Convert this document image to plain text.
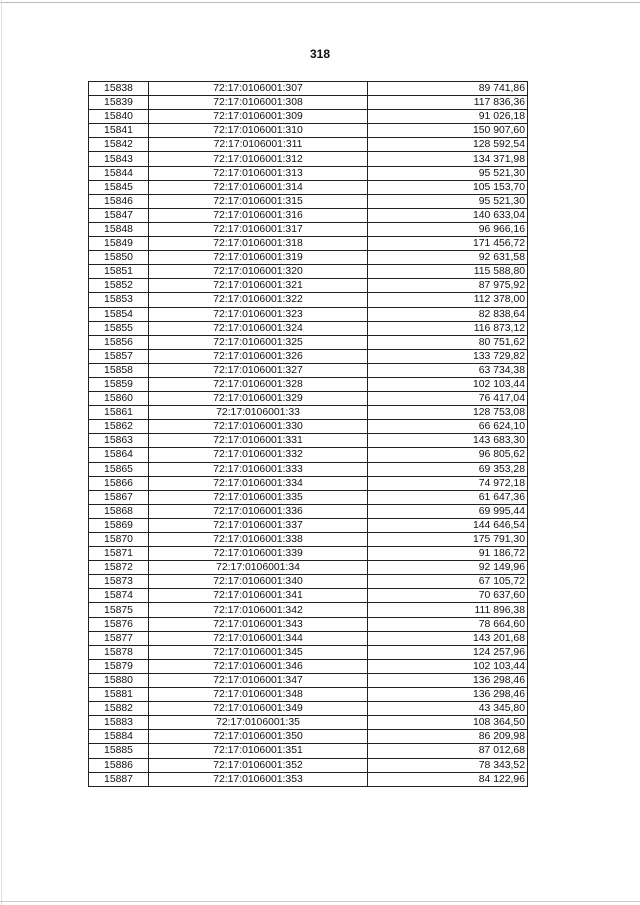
318
15838	72:17:0106001:307	89 741,86
15839	72:17:0106001:308	117 836,36
15840	72:17:0106001:309	91 026,18
15841	72:17:0106001:310	150 907,60
15842	72:17:0106001:311	128 592,54
15843	72:17:0106001:312	134 371,98
15844	72:17:0106001:313	95 521,30
15845	72:17:0106001:314	105 153,70
15846	72:17:0106001:315	95 521,30
15847	72:17:0106001:316	140 633,04
15848	72:17:0106001:317	96 966,16
15849	72:17:0106001:318	171 456,72
15850	72:17:0106001:319	92 631,58
15851	72:17:0106001:320	115 588,80
15852	72:17:0106001:321	87 975,92
15853	72:17:0106001:322	112 378,00
15854	72:17:0106001:323	82 838,64
15855	72:17:0106001:324	116 873,12
15856	72:17:0106001:325	80 751,62
15857	72:17:0106001:326	133 729,82
15858	72:17:0106001:327	63 734,38
15859	72:17:0106001:328	102 103,44
15860	72:17:0106001:329	76 417,04
15861	72:17:0106001:33	128 753,08
15862	72:17:0106001:330	66 624,10
15863	72:17:0106001:331	143 683,30
15864	72:17:0106001:332	96 805,62
15865	72:17:0106001:333	69 353,28
15866	72:17:0106001:334	74 972,18
15867	72:17:0106001:335	61 647,36
15868	72:17:0106001:336	69 995,44
15869	72:17:0106001:337	144 646,54
15870	72:17:0106001:338	175 791,30
15871	72:17:0106001:339	91 186,72
15872	72:17:0106001:34	92 149,96
15873	72:17:0106001:340	67 105,72
15874	72:17:0106001:341	70 637,60
15875	72:17:0106001:342	111 896,38
15876	72:17:0106001:343	78 664,60
15877	72:17:0106001:344	143 201,68
15878	72:17:0106001:345	124 257,96
15879	72:17:0106001:346	102 103,44
15880	72:17:0106001:347	136 298,46
15881	72:17:0106001:348	136 298,46
15882	72:17:0106001:349	43 345,80
15883	72:17:0106001:35	108 364,50
15884	72:17:0106001:350	86 209,98
15885	72:17:0106001:351	87 012,68
15886	72:17:0106001:352	78 343,52
15887	72:17:0106001:353	84 122,96
